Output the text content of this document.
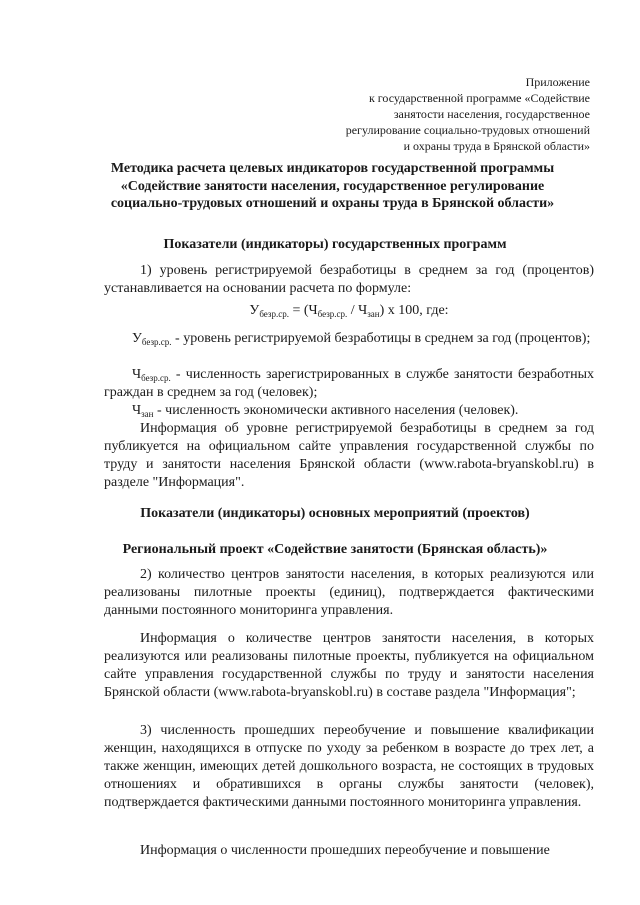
Приложение
к государственной программе «Содействие
занятости населения, государственное
регулирование социально-трудовых отношений
и охраны труда в Брянской области»
Методика расчета целевых индикаторов государственной программы «Содействие занятости населения, государственное регулирование социально-трудовых отношений и охраны труда в Брянской области»
Показатели (индикаторы) государственных программ
1) уровень регистрируемой безработицы в среднем за год (процентов) устанавливается на основании расчета по формуле:
$У_{безр.ср.} = (Ч_{безр.ср.} / Ч_{зан})$ х 100, где:
$У_{безр.ср.}$ - уровень регистрируемой безработицы в среднем за год (процентов);
$Ч_{безр.ср.}$ - численность зарегистрированных в службе занятости безработных граждан в среднем за год (человек);
$Ч_{зан}$ - численность экономически активного населения (человек).
Информация об уровне регистрируемой безработицы в среднем за год публикуется на официальном сайте управления государственной службы по труду и занятости населения Брянской области (www.rabota-bryanskobl.ru) в разделе "Информация".
Показатели (индикаторы) основных мероприятий (проектов)
Региональный проект «Содействие занятости (Брянская область)»
2) количество центров занятости населения, в которых реализуются или реализованы пилотные проекты (единиц), подтверждается фактическими данными постоянного мониторинга управления.
Информация о количестве центров занятости населения, в которых реализуются или реализованы пилотные проекты, публикуется на официальном сайте управления государственной службы по труду и занятости населения Брянской области (www.rabota-bryanskobl.ru) в составе раздела "Информация";
3) численность прошедших переобучение и повышение квалификации женщин, находящихся в отпуске по уходу за ребенком в возрасте до трех лет, а также женщин, имеющих детей дошкольного возраста, не состоящих в трудовых отношениях и обратившихся в органы службы занятости (человек), подтверждается фактическими данными постоянного мониторинга управления.
Информация о численности прошедших переобучение и повышение
